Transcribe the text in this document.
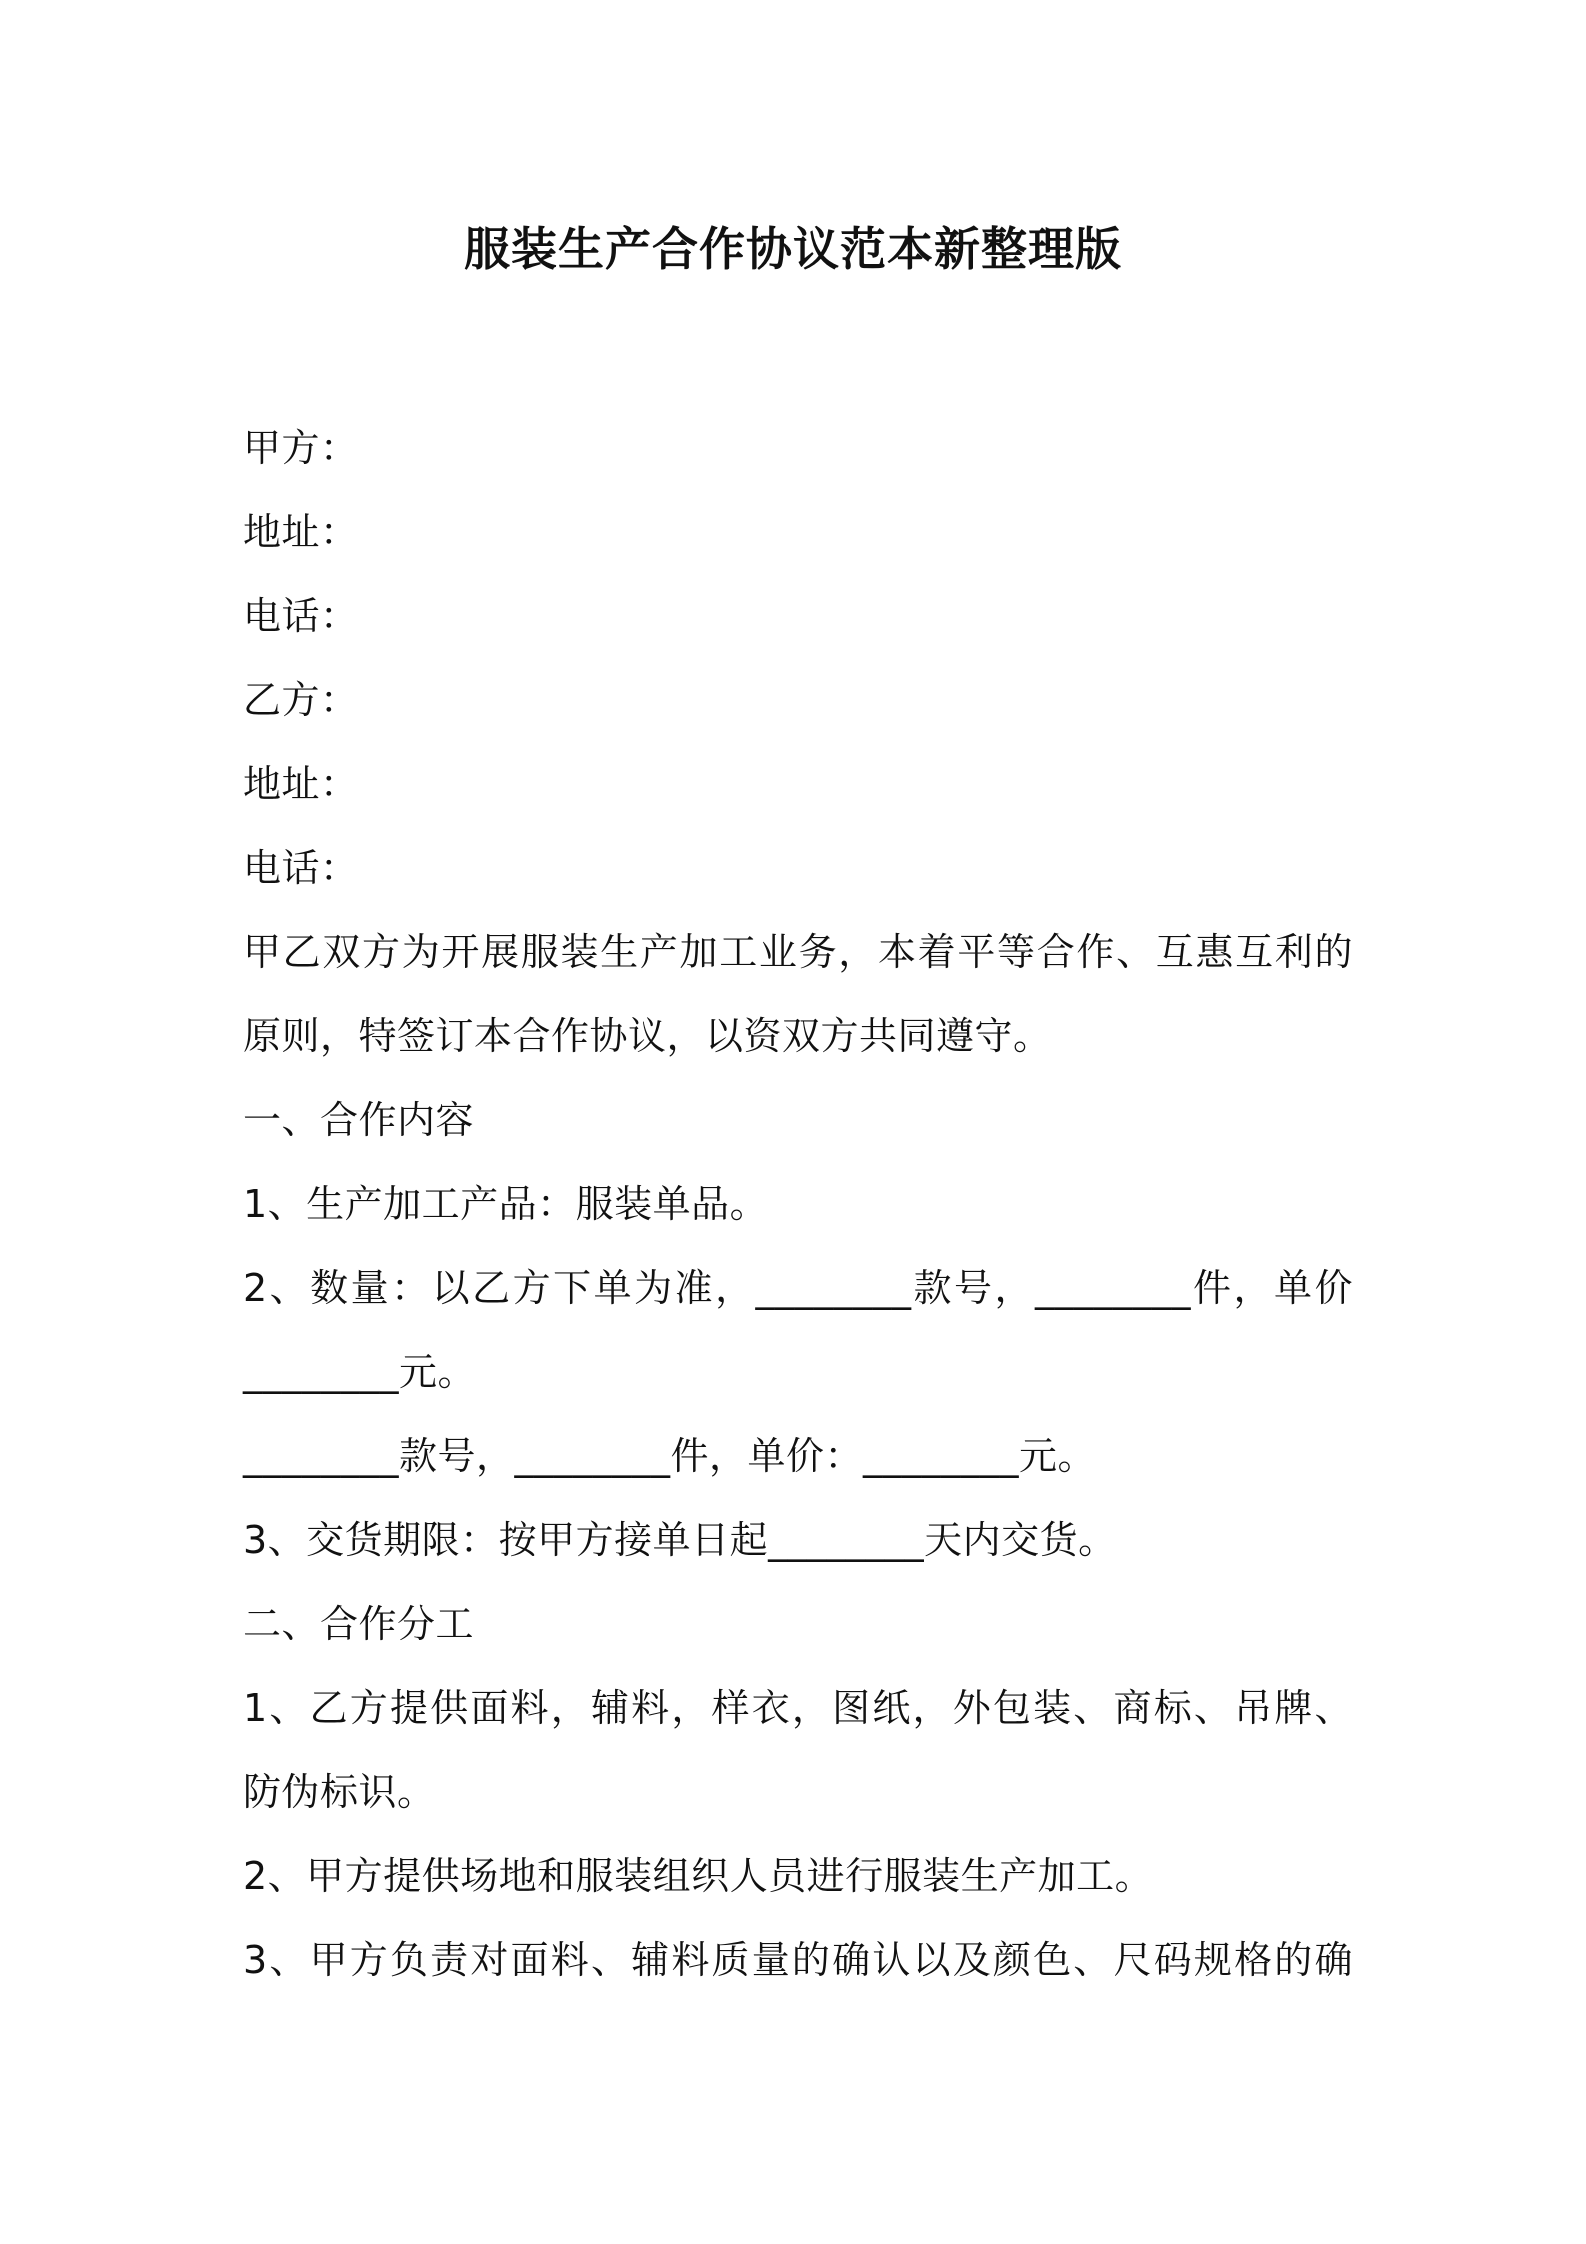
服装生产合作协议范本新整理版

甲方：

地址：

电话：

乙方：

地址：

电话：

甲乙双方为开展服装生产加工业务，本着平等合作、互惠互利的

原则，特签订本合作协议，以资双方共同遵守。

一、合作内容

1、生产加工产品：服装单品。

2、数量：以乙方下单为准，________款号，________件，单价

________元。

________款号，________件，单价：________元。

3、交货期限：按甲方接单日起________天内交货。

二、合作分工

1、乙方提供面料，辅料，样衣，图纸，外包装、商标、吊牌、

防伪标识。

2、甲方提供场地和服装组织人员进行服装生产加工。

3、甲方负责对面料、辅料质量的确认以及颜色、尺码规格的确
